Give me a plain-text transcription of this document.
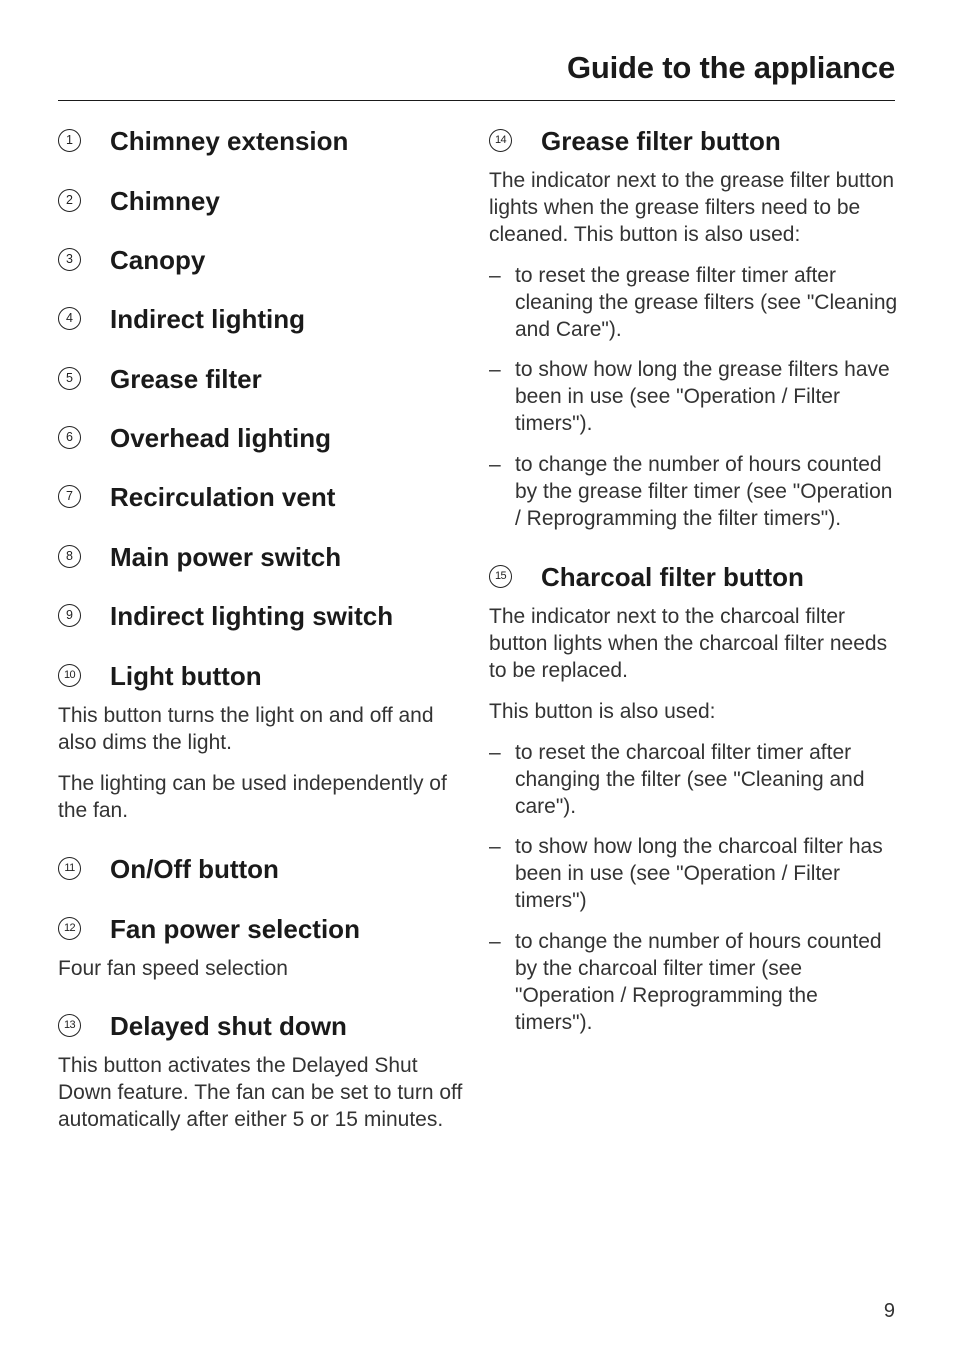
Guide to the appliance
1	Chimney extension
2	Chimney
3	Canopy
4	Indirect lighting
5	Grease filter
6	Overhead lighting
7	Recirculation vent
8	Main power switch
9	Indirect lighting switch
10 Light button

This button turns the light on and off and also dims the light.

The lighting can be used independently of the fan.

11 On/Off button
12 Fan power selection

Four fan speed selection

13 Delayed shut down

This button activates the Delayed Shut Down feature. The fan can be set to turn off automatically after either 5 or 15 minutes.

14 Grease filter button

The indicator next to the grease filter button lights when the grease filters need to be cleaned. This button is also used:

– to reset the grease filter timer after cleaning the grease filters (see "Cleaning and Care").
– to show how long the grease filters have been in use (see "Operation / Filter timers").
– to change the number of hours counted by the grease filter timer (see "Operation / Reprogramming the filter timers").
15 Charcoal filter button

The indicator next to the charcoal filter button lights when the charcoal filter needs to be replaced.

This button is also used:

– to reset the charcoal filter timer after changing the filter (see "Cleaning and care").
– to show how long the charcoal filter has been in use (see "Operation / Filter timers")
– to change the number of hours counted by the charcoal filter timer (see "Operation / Reprogramming the timers").
9
